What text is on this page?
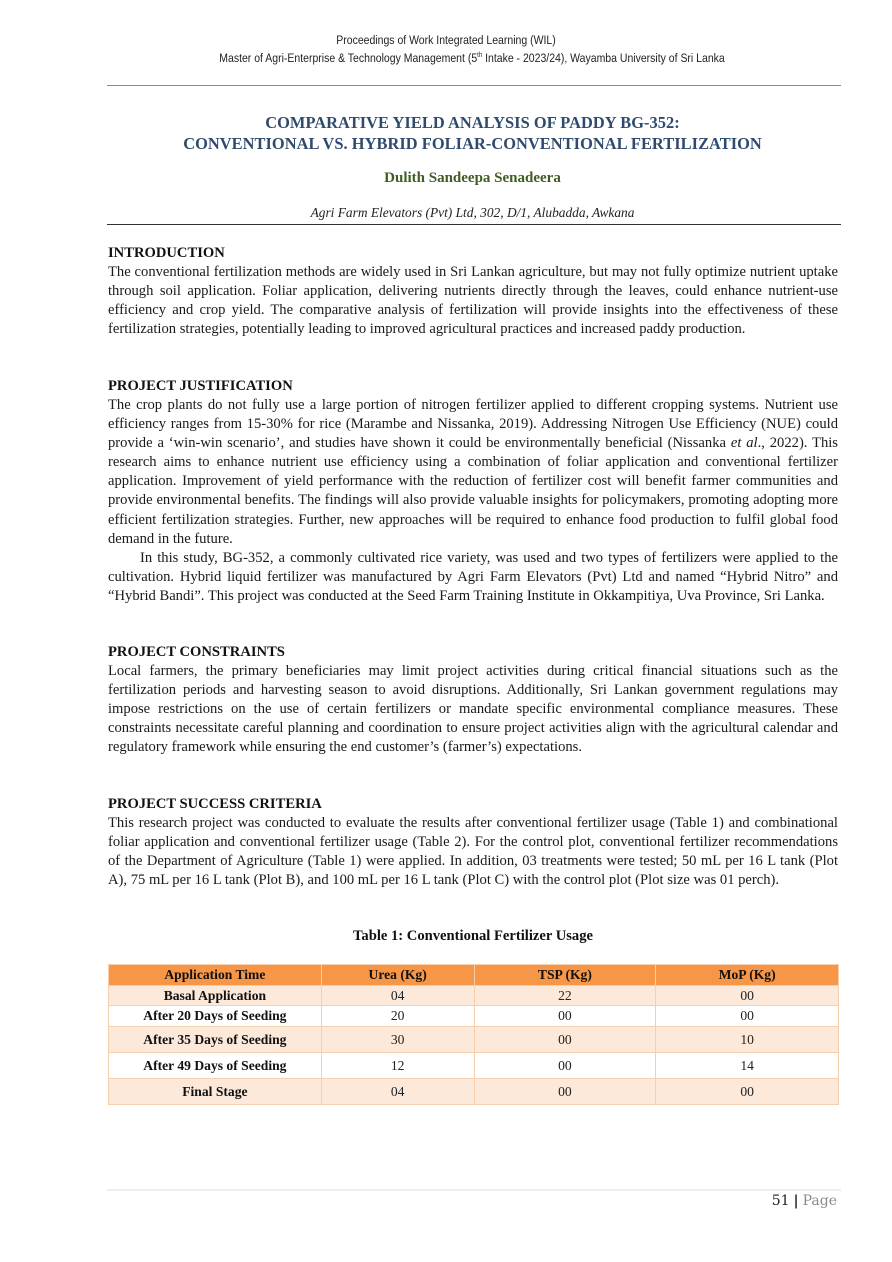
Proceedings of Work Integrated Learning (WIL)
Master of Agri-Enterprise & Technology Management (5th Intake - 2023/24), Wayamba University of Sri Lanka
COMPARATIVE YIELD ANALYSIS OF PADDY BG-352:
CONVENTIONAL VS. HYBRID FOLIAR-CONVENTIONAL FERTILIZATION
Dulith Sandeepa Senadeera
Agri Farm Elevators (Pvt) Ltd, 302, D/1, Alubadda, Awkana
INTRODUCTION

The conventional fertilization methods are widely used in Sri Lankan agriculture, but may not fully optimize nutrient uptake through soil application. Foliar application, delivering nutrients directly through the leaves, could enhance nutrient-use efficiency and crop yield. The comparative analysis of fertilization will provide insights into the effectiveness of these fertilization strategies, potentially leading to improved agricultural practices and increased paddy production.

PROJECT JUSTIFICATION

The crop plants do not fully use a large portion of nitrogen fertilizer applied to different cropping systems. Nutrient use efficiency ranges from 15-30% for rice (Marambe and Nissanka, 2019). Addressing Nitrogen Use Efficiency (NUE) could provide a ‘win-win scenario’, and studies have shown it could be environmentally beneficial (Nissanka et al., 2022). This research aims to enhance nutrient use efficiency using a combination of foliar application and conventional fertilizer application. Improvement of yield performance with the reduction of fertilizer cost will benefit farmer communities and provide environmental benefits. The findings will also provide valuable insights for policymakers, promoting adopting more efficient fertilization strategies. Further, new approaches will be required to enhance food production to fulfil global food demand in the future.

In this study, BG-352, a commonly cultivated rice variety, was used and two types of fertilizers were applied to the cultivation. Hybrid liquid fertilizer was manufactured by Agri Farm Elevators (Pvt) Ltd and named “Hybrid Nitro” and “Hybrid Bandi”. This project was conducted at the Seed Farm Training Institute in Okkampitiya, Uva Province, Sri Lanka.

PROJECT CONSTRAINTS

Local farmers, the primary beneficiaries may limit project activities during critical financial situations such as the fertilization periods and harvesting season to avoid disruptions. Additionally, Sri Lankan government regulations may impose restrictions on the use of certain fertilizers or mandate specific environmental compliance measures. These constraints necessitate careful planning and coordination to ensure project activities align with the agricultural calendar and regulatory framework while ensuring the end customer’s (farmer’s) expectations.

PROJECT SUCCESS CRITERIA

This research project was conducted to evaluate the results after conventional fertilizer usage (Table 1) and combinational foliar application and conventional fertilizer usage (Table 2). For the control plot, conventional fertilizer recommendations of the Department of Agriculture (Table 1) were applied. In addition, 03 treatments were tested; 50 mL per 16 L tank (Plot A), 75 mL per 16 L tank (Plot B), and 100 mL per 16 L tank (Plot C) with the control plot (Plot size was 01 perch).

Table 1: Conventional Fertilizer Usage
Application Time	Urea (Kg)	TSP (Kg)	MoP (Kg)
Basal Application	04	22	00
After 20 Days of Seeding	20	00	00
After 35 Days of Seeding	30	00	10
After 49 Days of Seeding	12	00	14
Final Stage	04	00	00
51 | Page
